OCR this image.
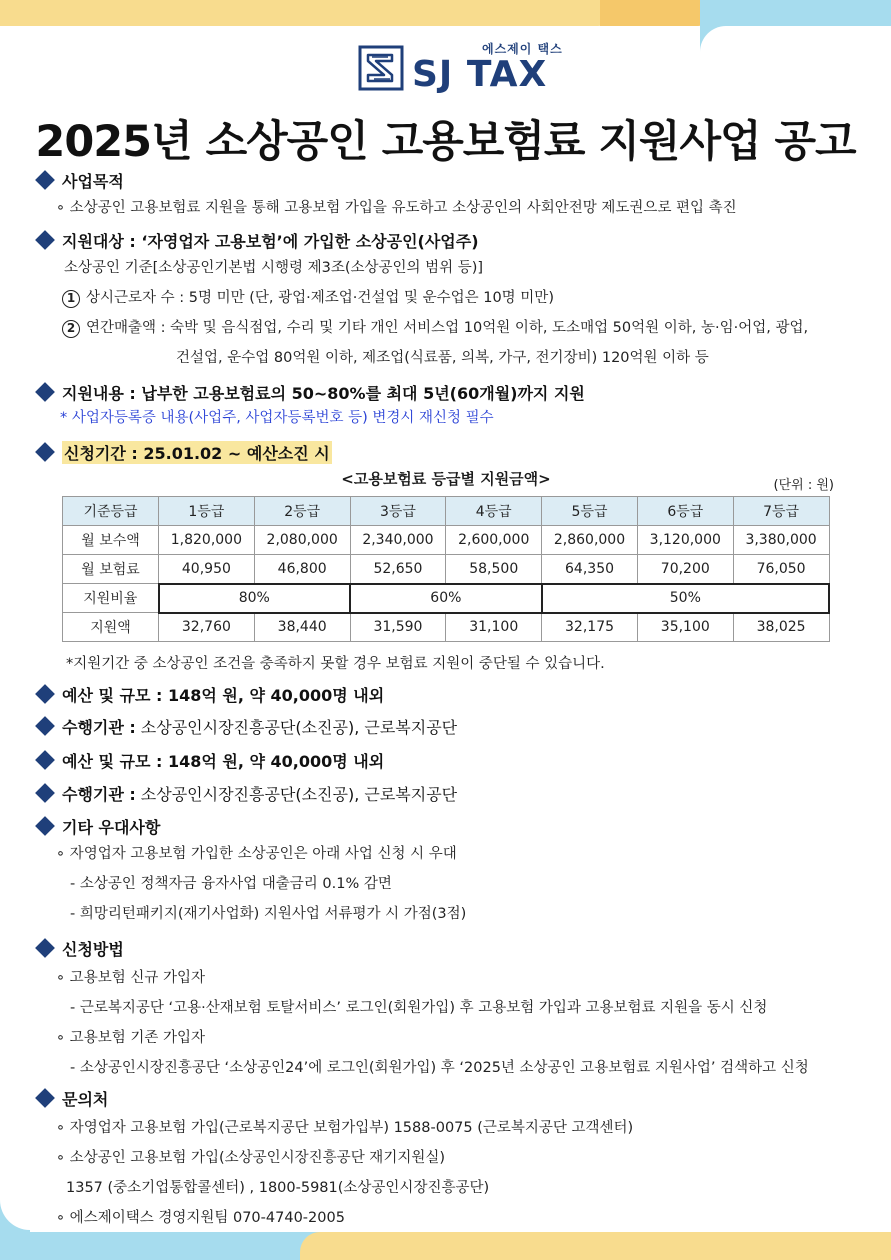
에스제이 택스
SJ TAX
2025년 소상공인 고용보험료 지원사업 공고
사업목적
∘ 소상공인 고용보험료 지원을 통해 고용보험 가입을 유도하고 소상공인의 사회안전망 제도권으로 편입 촉진
지원대상 : ‘자영업자 고용보험’에 가입한 소상공인(사업주)
소상공인 기준[소상공인기본법 시행령 제3조(소상공인의 범위 등)]
1 상시근로자 수 : 5명 미만 (단, 광업·제조업·건설업 및 운수업은 10명 미만)
2 연간매출액 : 숙박 및 음식점업, 수리 및 기타 개인 서비스업 10억원 이하, 도소매업 50억원 이하, 농·임·어업, 광업,
건설업, 운수업 80억원 이하, 제조업(식료품, 의복, 가구, 전기장비) 120억원 이하 등
지원내용 : 납부한 고용보험료의 50~80%를 최대 5년(60개월)까지 지원
* 사업자등록증 내용(사업주, 사업자등록번호 등) 변경시 재신청 필수
신청기간 : 25.01.02 ~ 예산소진 시
<고용보험료 등급별 지원금액>	(단위 : 원)
기준등급	1등급	2등급	3등급	4등급	5등급	6등급	7등급
월 보수액	1,820,000	2,080,000	2,340,000	2,600,000	2,860,000	3,120,000	3,380,000
월 보험료	40,950	46,800	52,650	58,500	64,350	70,200	76,050
지원비율	80%		60%		50%		
지원액	32,760	38,440	31,590	31,100	32,175	35,100	38,025
*지원기간 중 소상공인 조건을 충족하지 못할 경우 보험료 지원이 중단될 수 있습니다.
예산 및 규모 : 148억 원, 약 40,000명 내외
수행기관 : 소상공인시장진흥공단(소진공), 근로복지공단
예산 및 규모 : 148억 원, 약 40,000명 내외
수행기관 : 소상공인시장진흥공단(소진공), 근로복지공단
기타 우대사항
∘ 자영업자 고용보험 가입한 소상공인은 아래 사업 신청 시 우대
- 소상공인 정책자금 융자사업 대출금리 0.1% 감면
- 희망리턴패키지(재기사업화) 지원사업 서류평가 시 가점(3점)
신청방법
∘ 고용보험 신규 가입자
- 근로복지공단 ‘고용·산재보험 토탈서비스’ 로그인(회원가입) 후 고용보험 가입과 고용보험료 지원을 동시 신청
∘ 고용보험 기존 가입자
- 소상공인시장진흥공단 ‘소상공인24’에 로그인(회원가입) 후 ‘2025년 소상공인 고용보험료 지원사업’ 검색하고 신청
문의처
∘ 자영업자 고용보험 가입(근로복지공단 보험가입부) 1588-0075 (근로복지공단 고객센터)
∘ 소상공인 고용보험 가입(소상공인시장진흥공단 재기지원실)
1357 (중소기업통합콜센터) , 1800-5981(소상공인시장진흥공단)
∘ 에스제이택스 경영지원팀 070-4740-2005
